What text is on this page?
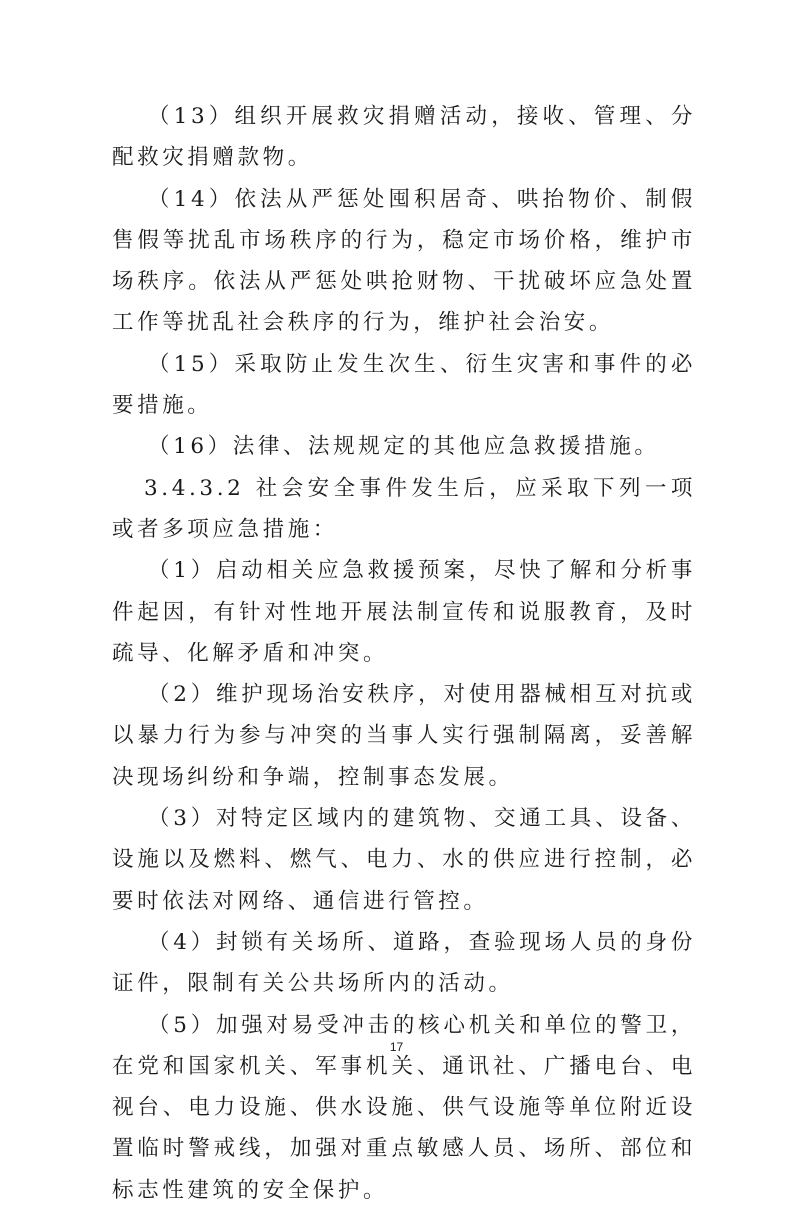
（13）组织开展救灾捐赠活动，接收、管理、分配救灾捐赠款物。

（14）依法从严惩处囤积居奇、哄抬物价、制假售假等扰乱市场秩序的行为，稳定市场价格，维护市场秩序。依法从严惩处哄抢财物、干扰破坏应急处置工作等扰乱社会秩序的行为，维护社会治安。

（15）采取防止发生次生、衍生灾害和事件的必要措施。

（16）法律、法规规定的其他应急救援措施。

3.4.3.2 社会安全事件发生后，应采取下列一项或者多项应急措施：

（1）启动相关应急救援预案，尽快了解和分析事件起因，有针对性地开展法制宣传和说服教育，及时疏导、化解矛盾和冲突。

（2）维护现场治安秩序，对使用器械相互对抗或以暴力行为参与冲突的当事人实行强制隔离，妥善解决现场纠纷和争端，控制事态发展。

（3）对特定区域内的建筑物、交通工具、设备、设施以及燃料、燃气、电力、水的供应进行控制，必要时依法对网络、通信进行管控。

（4）封锁有关场所、道路，查验现场人员的身份证件，限制有关公共场所内的活动。

（5）加强对易受冲击的核心机关和单位的警卫，在党和国家机关、军事机关、通讯社、广播电台、电视台、电力设施、供水设施、供气设施等单位附近设置临时警戒线，加强对重点敏感人员、场所、部位和标志性建筑的安全保护。

17
